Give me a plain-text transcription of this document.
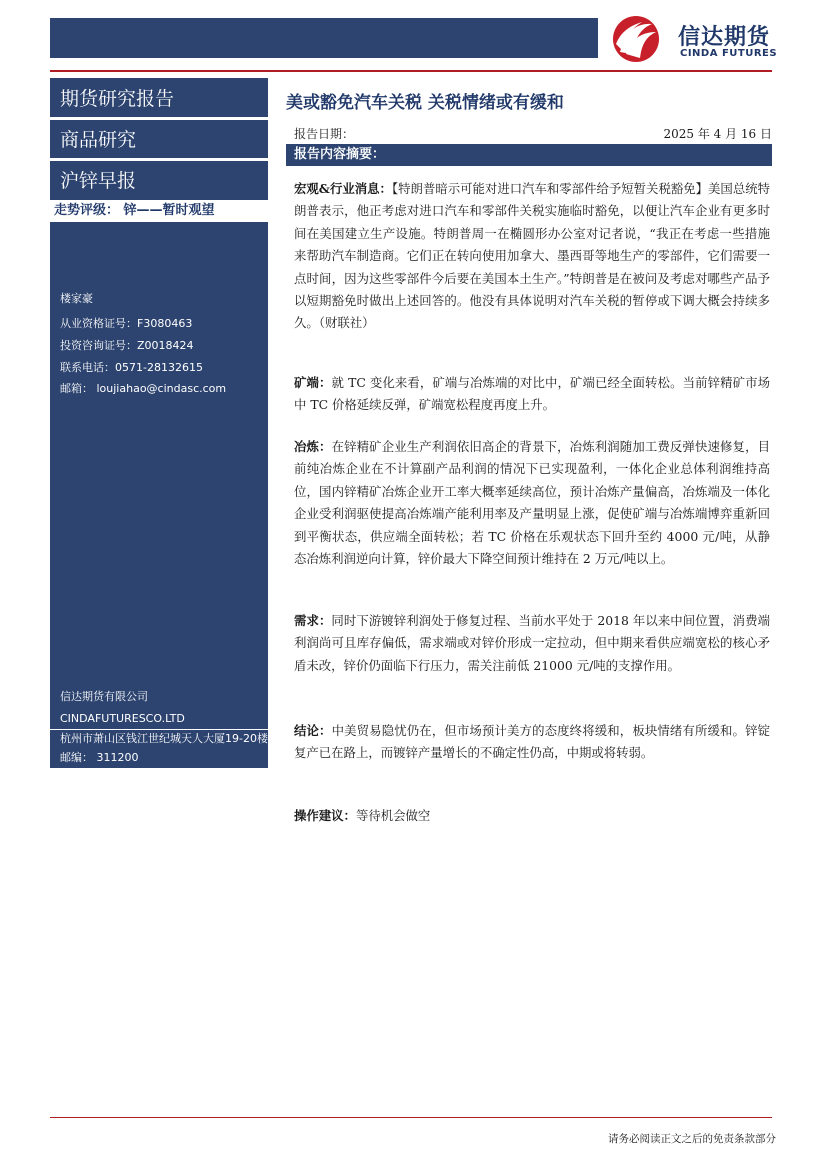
信达期货
CINDA FUTURES
期货研究报告
商品研究
沪锌早报
走势评级： 锌——暂时观望
楼家豪
从业资格证号：F3080463
投资咨询证号：Z0018424
联系电话：0571-28132615
邮箱： loujiahao@cindasc.com
信达期货有限公司
CINDAFUTURESCO.LTD
杭州市萧山区钱江世纪城天人大厦19-20楼
邮编： 311200
美或豁免汽车关税 关税情绪或有缓和
报告日期：	2025 年 4 月 16 日
报告内容摘要：

宏观&行业消息：【特朗普暗示可能对进口汽车和零部件给予短暂关税豁免】美国总统特朗普表示，他正考虑对进口汽车和零部件关税实施临时豁免，以便让汽车企业有更多时间在美国建立生产设施。特朗普周一在椭圆形办公室对记者说，“我正在考虑一些措施来帮助汽车制造商。它们正在转向使用加拿大、墨西哥等地生产的零部件，它们需要一点时间，因为这些零部件今后要在美国本土生产。”特朗普是在被问及考虑对哪些产品予以短期豁免时做出上述回答的。他没有具体说明对汽车关税的暂停或下调大概会持续多久。（财联社）

矿端：就 TC 变化来看，矿端与冶炼端的对比中，矿端已经全面转松。当前锌精矿市场中 TC 价格延续反弹，矿端宽松程度再度上升。

冶炼：在锌精矿企业生产利润依旧高企的背景下，冶炼利润随加工费反弹快速修复，目前纯冶炼企业在不计算副产品利润的情况下已实现盈利，一体化企业总体利润维持高位，国内锌精矿冶炼企业开工率大概率延续高位，预计冶炼产量偏高，冶炼端及一体化企业受利润驱使提高冶炼端产能利用率及产量明显上涨，促使矿端与冶炼端博弈重新回到平衡状态，供应端全面转松；若 TC 价格在乐观状态下回升至约 4000 元/吨，从静态冶炼利润逆向计算，锌价最大下降空间预计维持在 2 万元/吨以上。

需求：同时下游镀锌利润处于修复过程、当前水平处于 2018 年以来中间位置，消费端利润尚可且库存偏低，需求端或对锌价形成一定拉动，但中期来看供应端宽松的核心矛盾未改，锌价仍面临下行压力，需关注前低 21000 元/吨的支撑作用。

结论：中美贸易隐忧仍在，但市场预计美方的态度终将缓和，板块情绪有所缓和。锌锭复产已在路上，而镀锌产量增长的不确定性仍高，中期或将转弱。

操作建议：等待机会做空

请务必阅读正文之后的免责条款部分
